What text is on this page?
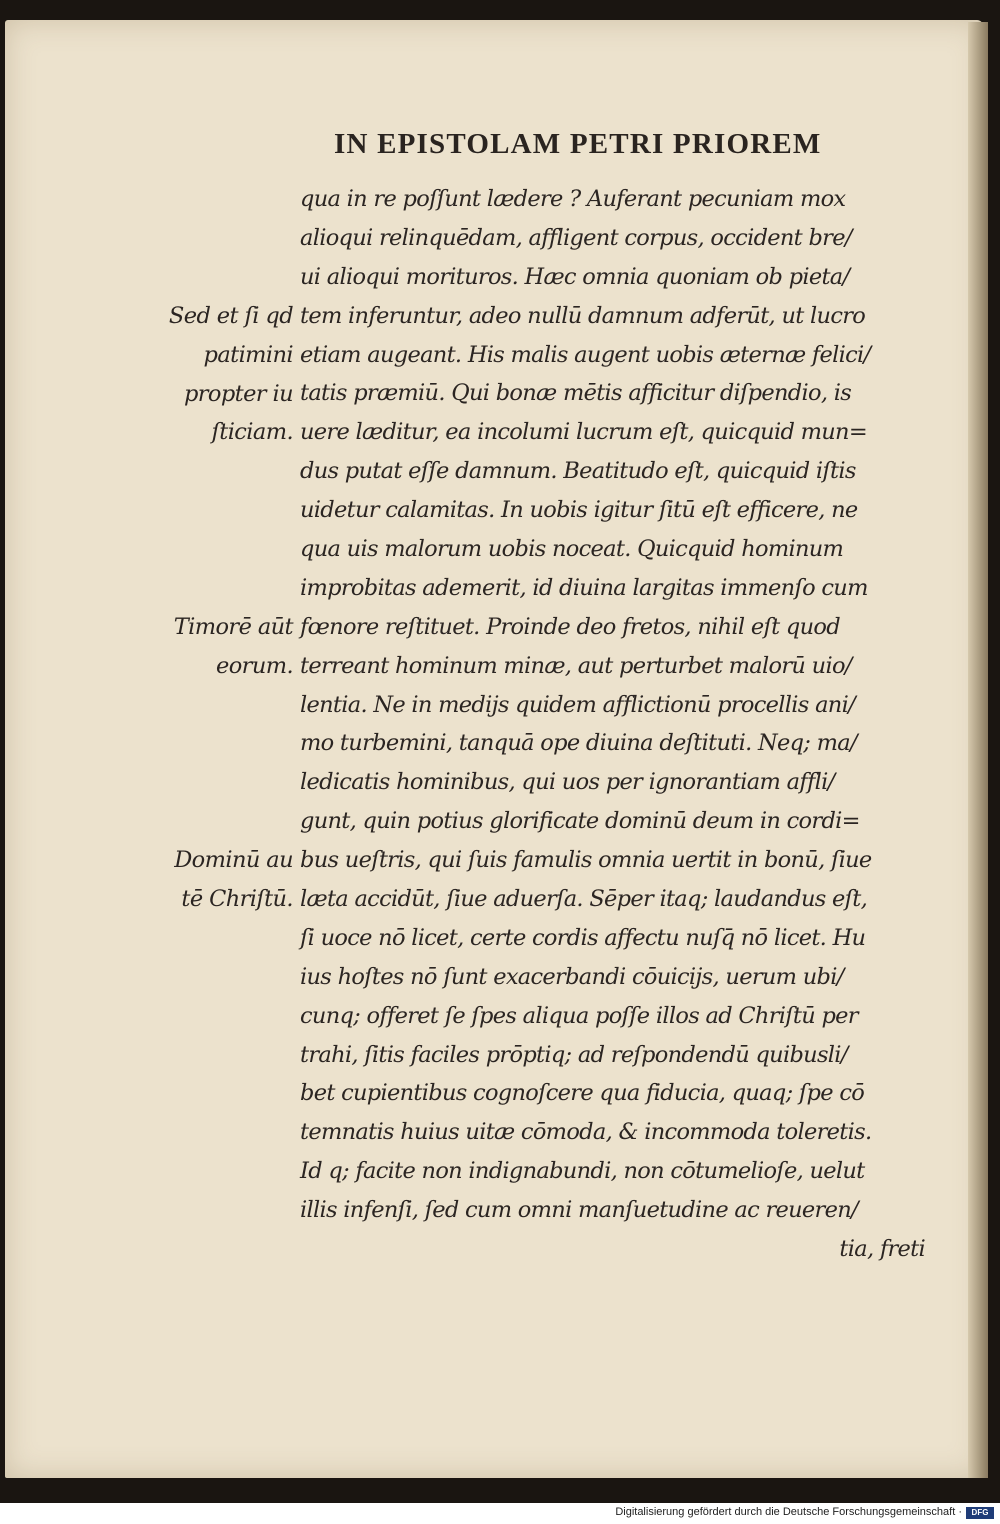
IN EPISTOLAM PETRI PRIOREM
Sed et ſi qd
patimini
propter iu
ſticiam.
Timorē aūt
eorum.
Dominū au
tē Chriſtū.
qua in re poſſunt lædere ? Auferant pecuniam mox
alioqui relinquēdam, affligent corpus, occident bre/
ui alioqui morituros. Hæc omnia quoniam ob pieta/
tem inferuntur, adeo nullū damnum adferūt, ut lucro
etiam augeant. His malis augent uobis æternæ felici/
tatis præmiū. Qui bonæ mētis afficitur diſpendio, is
uere læditur, ea incolumi lucrum eſt, quicquid mun=
dus putat eſſe damnum. Beatitudo eſt, quicquid iſtis
uidetur calamitas. In uobis igitur ſitū eſt efficere, ne
qua uis malorum uobis noceat. Quicquid hominum
improbitas ademerit, id diuina largitas immenſo cum
fœnore reſtituet. Proinde deo fretos, nihil eſt quod
terreant hominum minæ, aut perturbet malorū uio/
lentia. Ne in medijs quidem afflictionū procellis ani/
mo turbemini, tanquā ope diuina deſtituti. Neq; ma/
ledicatis hominibus, qui uos per ignorantiam affli/
gunt, quin potius glorificate dominū deum in cordi=
bus ueſtris, qui ſuis famulis omnia uertit in bonū, ſiue
læta accidūt, ſiue aduerſa. Sēper itaq; laudandus eſt,
ſi uoce nō licet, certe cordis affectu nuſq̄ nō licet. Hu
ius hoſtes nō ſunt exacerbandi cōuicijs, uerum ubi/
cunq; offeret ſe ſpes aliqua poſſe illos ad Chriſtū per
trahi, ſitis faciles prōptiq; ad reſpondendū quibusli/
bet cupientibus cognoſcere qua fiducia, quaq; ſpe cō
temnatis huius uitæ cōmoda, & incommoda toleretis.
Id q; facite non indignabundi, non cōtumelioſe, uelut
illis infenſi, ſed cum omni manſuetudine ac reueren/
tia, freti
Digitalisierung gefördert durch die Deutsche Forschungsgemeinschaft ·	DFG
